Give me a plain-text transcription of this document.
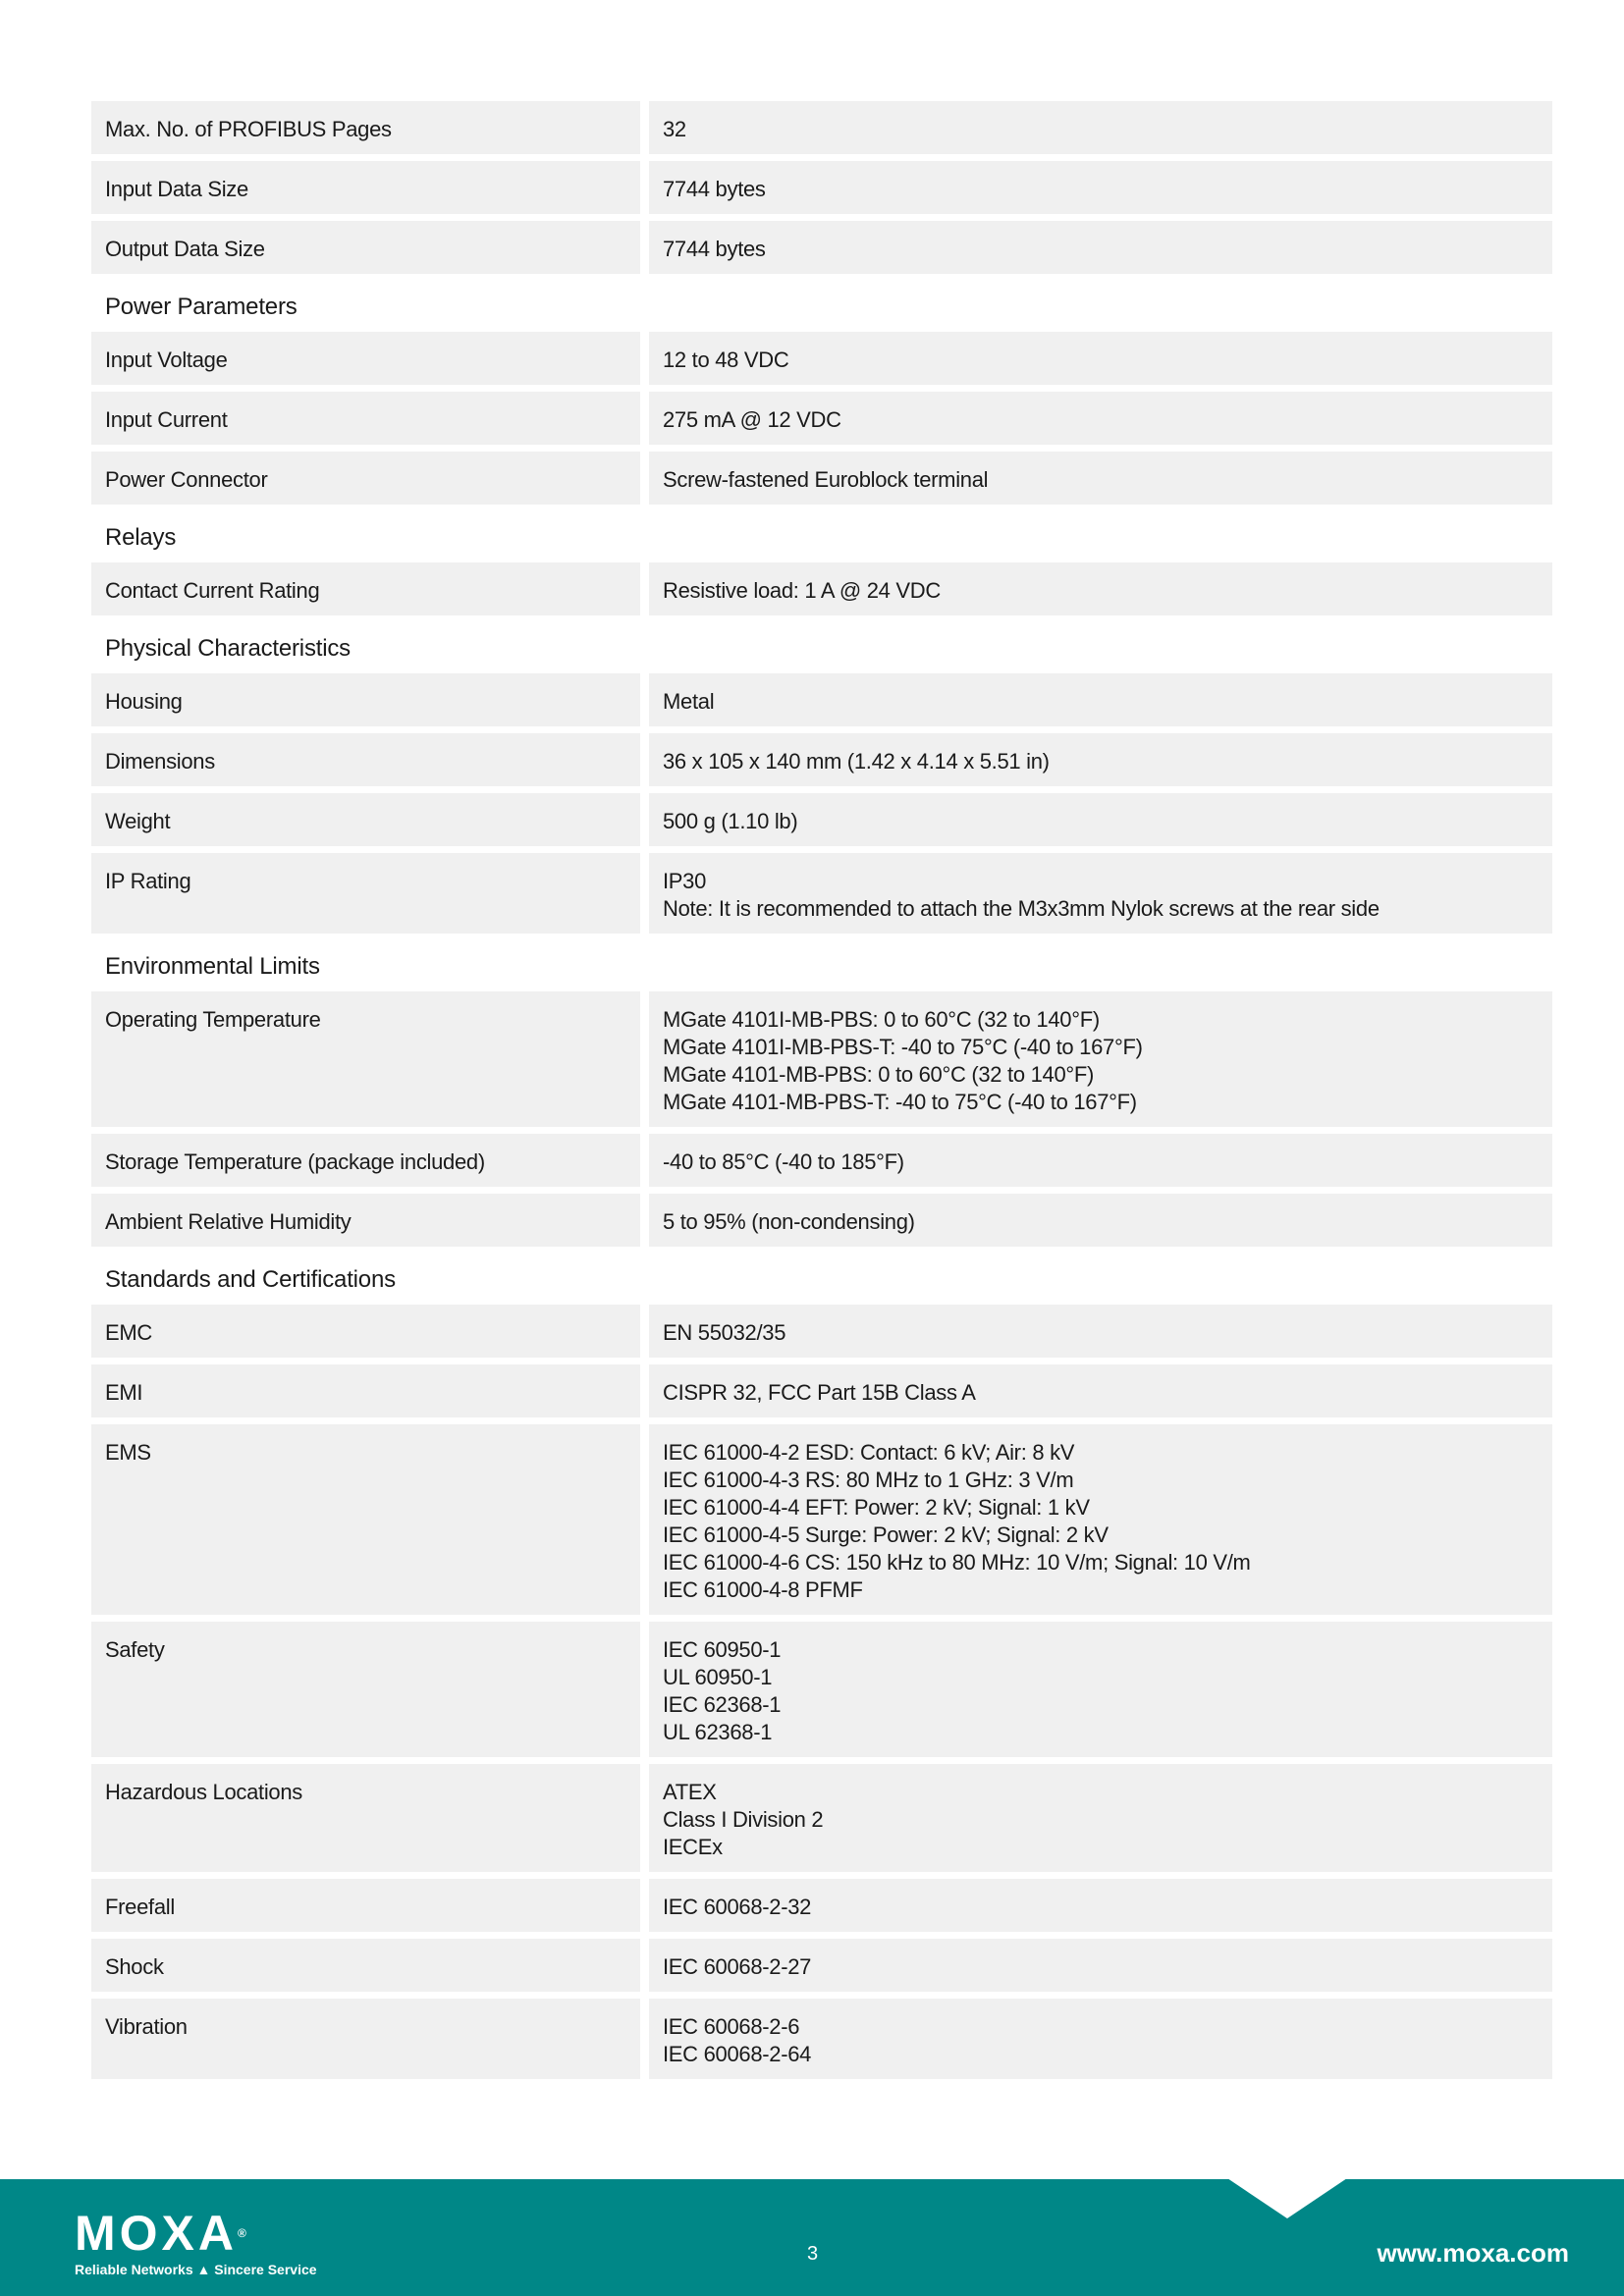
Max. No. of PROFIBUS Pages	32
Input Data Size	7744 bytes
Output Data Size	7744 bytes
Power Parameters
Input Voltage	12 to 48 VDC
Input Current	275 mA @ 12 VDC
Power Connector	Screw-fastened Euroblock terminal
Relays
Contact Current Rating	Resistive load: 1 A @ 24 VDC
Physical Characteristics
Housing	Metal
Dimensions	36 x 105 x 140 mm (1.42 x 4.14 x 5.51 in)
Weight	500 g (1.10 lb)
IP Rating	IP30
Note: It is recommended to attach the M3x3mm Nylok screws at the rear side
Environmental Limits
Operating Temperature	MGate 4101I-MB-PBS: 0 to 60°C (32 to 140°F)
MGate 4101I-MB-PBS-T: -40 to 75°C (-40 to 167°F)
MGate 4101-MB-PBS: 0 to 60°C (32 to 140°F)
MGate 4101-MB-PBS-T: -40 to 75°C (-40 to 167°F)
Storage Temperature (package included)	-40 to 85°C (-40 to 185°F)
Ambient Relative Humidity	5 to 95% (non-condensing)
Standards and Certifications
EMC	EN 55032/35
EMI	CISPR 32, FCC Part 15B Class A
EMS	IEC 61000-4-2 ESD: Contact: 6 kV; Air: 8 kV
IEC 61000-4-3 RS: 80 MHz to 1 GHz: 3 V/m
IEC 61000-4-4 EFT: Power: 2 kV; Signal: 1 kV
IEC 61000-4-5 Surge: Power: 2 kV; Signal: 2 kV
IEC 61000-4-6 CS: 150 kHz to 80 MHz: 10 V/m; Signal: 10 V/m
IEC 61000-4-8 PFMF
Safety	IEC 60950-1
UL 60950-1
IEC 62368-1
UL 62368-1
Hazardous Locations	ATEX
Class I Division 2
IECEx
Freefall	IEC 60068-2-32
Shock	IEC 60068-2-27
Vibration	IEC 60068-2-6
IEC 60068-2-64
MOXA®
Reliable Networks ▲ Sincere Service
3	www.moxa.com
